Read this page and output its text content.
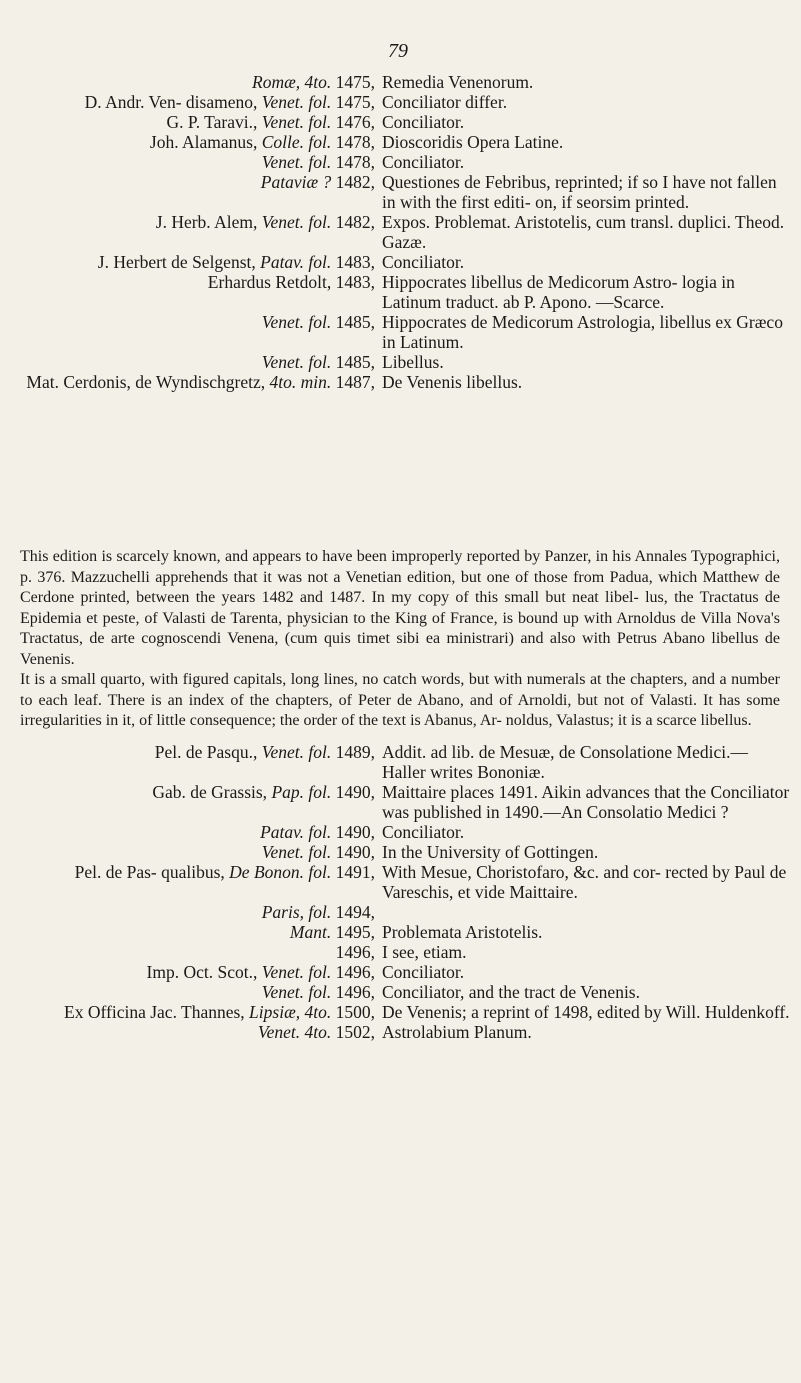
79
Romæ, 4to. 1475, Remedia Venenorum.
D. Andr. Ven- disameno, Venet. fol. 1475, Conciliator differ.
G. P. Taravi., Venet. fol. 1476, Conciliator.
Joh. Alamanus, Colle. fol. 1478, Dioscoridis Opera Latine.
Venet. fol. 1478, Conciliator.
Pataviæ ? 1482, Questiones de Febribus, reprinted; if so I have not fallen in with the first editi- on, if seorsim printed.
J. Herb. Alem, Venet. fol. 1482, Expos. Problemat. Aristotelis, cum transl. duplici. Theod. Gazæ.
J. Herbert de Selgenst, Patav. fol. 1483, Conciliator.
Erhardus Retdolt, 1483, Hippocrates libellus de Medicorum Astro- logia in Latinum traduct. ab P. Apono. —Scarce.
Venet. fol. 1485, Hippocrates de Medicorum Astrologia, libellus ex Græco in Latinum.
Venet. fol. 1485, Libellus.
Mat. Cerdonis, de Wyndischgretz, 4to. min. 1487, De Venenis libellus.

This edition is scarcely known, and appears to have been improperly reported by Panzer, in his Annales Typographici, p. 376. Mazzuchelli apprehends that it was not a Venetian edition, but one of those from Padua, which Matthew de Cerdone printed, between the years 1482 and 1487. In my copy of this small but neat libel- lus, the Tractatus de Epidemia et peste, of Valasti de Tarenta, physician to the King of France, is bound up with Arnoldus de Villa Nova's Tractatus, de arte cognoscendi Venena, (cum quis timet sibi ea ministrari) and also with Petrus Abano libellus de Venenis.

It is a small quarto, with figured capitals, long lines, no catch words, but with numerals at the chapters, and a number to each leaf. There is an index of the chapters, of Peter de Abano, and of Arnoldi, but not of Valasti. It has some irregularities in it, of little consequence; the order of the text is Abanus, Ar- noldus, Valastus; it is a scarce libellus.

Pel. de Pasqu., Venet. fol. 1489, Addit. ad lib. de Mesuæ, de Consolatione Medici.—Haller writes Bononiæ.
Gab. de Grassis, Pap. fol. 1490, Maittaire places 1491. Aikin advances that the Conciliator was published in 1490.—An Consolatio Medici ?
Patav. fol. 1490, Conciliator.
Venet. fol. 1490, In the University of Gottingen.
Pel. de Pas- qualibus, De Bonon. fol. 1491, With Mesue, Choristofaro, &c. and cor- rected by Paul de Vareschis, et vide Maittaire.
Paris, fol. 1494,
Mant. 1495, Problemata Aristotelis.
1496, I see, etiam.
Imp. Oct. Scot., Venet. fol. 1496, Conciliator.
Venet. fol. 1496, Conciliator, and the tract de Venenis.
Ex Officina Jac. Thannes, Lipsiæ, 4to. 1500, De Venenis; a reprint of 1498, edited by Will. Huldenkoff.
Venet. 4to. 1502, Astrolabium Planum.
